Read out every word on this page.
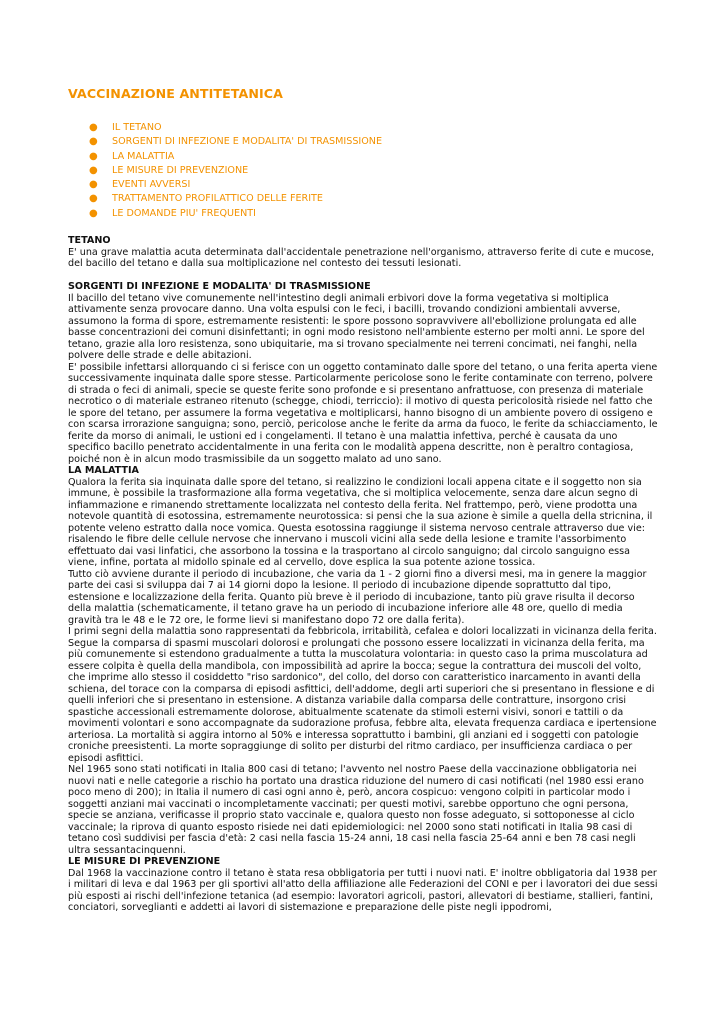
VACCINAZIONE ANTITETANICA
● IL TETANO
● SORGENTI DI INFEZIONE E MODALITA' DI TRASMISSIONE
● LA MALATTIA
● LE MISURE DI PREVENZIONE
● EVENTI AVVERSI
● TRATTAMENTO PROFILATTICO DELLE FERITE
● LE DOMANDE PIU' FREQUENTI
TETANO

E' una grave malattia acuta determinata dall'accidentale penetrazione nell'organismo, attraverso ferite di cute e mucose, del bacillo del tetano e dalla sua moltiplicazione nel contesto dei tessuti lesionati.

SORGENTI DI INFEZIONE E MODALITA' DI TRASMISSIONE

Il bacillo del tetano vive comunemente nell'intestino degli animali erbivori dove la forma vegetativa si moltiplica attivamente senza provocare danno. Una volta espulsi con le feci, i bacilli, trovando condizioni ambientali avverse, assumono la forma di spore, estremamente resistenti: le spore possono sopravvivere all'ebollizione prolungata ed alle basse concentrazioni dei comuni disinfettanti; in ogni modo resistono nell'ambiente esterno per molti anni. Le spore del tetano, grazie alla loro resistenza, sono ubiquitarie, ma si trovano specialmente nei terreni concimati, nei fanghi, nella polvere delle strade e delle abitazioni.

E' possibile infettarsi allorquando ci si ferisce con un oggetto contaminato dalle spore del tetano, o una ferita aperta viene successivamente inquinata dalle spore stesse. Particolarmente pericolose sono le ferite contaminate con terreno, polvere di strada o feci di animali, specie se queste ferite sono profonde e si presentano anfrattuose, con presenza di materiale necrotico o di materiale estraneo ritenuto (schegge, chiodi, terriccio): il motivo di questa pericolosità risiede nel fatto che le spore del tetano, per assumere la forma vegetativa e moltiplicarsi, hanno bisogno di un ambiente povero di ossigeno e con scarsa irrorazione sanguigna; sono, perciò, pericolose anche le ferite da arma da fuoco, le ferite da schiacciamento, le ferite da morso di animali, le ustioni ed i congelamenti. Il tetano è una malattia infettiva, perché è causata da uno specifico bacillo penetrato accidentalmente in una ferita con le modalità appena descritte, non è peraltro contagiosa, poiché non è in alcun modo trasmissibile da un soggetto malato ad uno sano.

LA MALATTIA

Qualora la ferita sia inquinata dalle spore del tetano, si realizzino le condizioni locali appena citate e il soggetto non sia immune, è possibile la trasformazione alla forma vegetativa, che si moltiplica velocemente, senza dare alcun segno di infiammazione e rimanendo strettamente localizzata nel contesto della ferita. Nel frattempo, però, viene prodotta una notevole quantità di esotossina, estremamente neurotossica: si pensi che la sua azione è simile a quella della stricnina, il potente veleno estratto dalla noce vomica. Questa esotossina raggiunge il sistema nervoso centrale attraverso due vie: risalendo le fibre delle cellule nervose che innervano i muscoli vicini alla sede della lesione e tramite l'assorbimento effettuato dai vasi linfatici, che assorbono la tossina e la trasportano al circolo sanguigno; dal circolo sanguigno essa viene, infine, portata al midollo spinale ed al cervello, dove esplica la sua potente azione tossica.

Tutto ciò avviene durante il periodo di incubazione, che varia da 1 - 2 giorni fino a diversi mesi, ma in genere la maggior parte dei casi si sviluppa dai 7 ai 14 giorni dopo la lesione. Il periodo di incubazione dipende soprattutto dal tipo, estensione e localizzazione della ferita. Quanto più breve è il periodo di incubazione, tanto più grave risulta il decorso della malattia (schematicamente, il tetano grave ha un periodo di incubazione inferiore alle 48 ore, quello di media gravità tra le 48 e le 72 ore, le forme lievi si manifestano dopo 72 ore dalla ferita).

I primi segni della malattia sono rappresentati da febbricola, irritabilità, cefalea e dolori localizzati in vicinanza della ferita.

Segue la comparsa di spasmi muscolari dolorosi e prolungati che possono essere localizzati in vicinanza della ferita, ma più comunemente si estendono gradualmente a tutta la muscolatura volontaria: in questo caso la prima muscolatura ad essere colpita è quella della mandibola, con impossibilità ad aprire la bocca; segue la contrattura dei muscoli del volto, che imprime allo stesso il cosiddetto "riso sardonico", del collo, del dorso con caratteristico inarcamento in avanti della schiena, del torace con la comparsa di episodi asfittici, dell'addome, degli arti superiori che si presentano in flessione e di quelli inferiori che si presentano in estensione. A distanza variabile dalla comparsa delle contratture, insorgono crisi spastiche accessionali estremamente dolorose, abitualmente scatenate da stimoli esterni visivi, sonori e tattili o da movimenti volontari e sono accompagnate da sudorazione profusa, febbre alta, elevata frequenza cardiaca e ipertensione arteriosa. La mortalità si aggira intorno al 50% e interessa soprattutto i bambini, gli anziani ed i soggetti con patologie croniche preesistenti. La morte sopraggiunge di solito per disturbi del ritmo cardiaco, per insufficienza cardiaca o per episodi asfittici.

Nel 1965 sono stati notificati in Italia 800 casi di tetano; l'avvento nel nostro Paese della vaccinazione obbligatoria nei nuovi nati e nelle categorie a rischio ha portato una drastica riduzione del numero di casi notificati (nel 1980 essi erano poco meno di 200); in Italia il numero di casi ogni anno è, però, ancora cospicuo: vengono colpiti in particolar modo i soggetti anziani mai vaccinati o incompletamente vaccinati; per questi motivi, sarebbe opportuno che ogni persona, specie se anziana, verificasse il proprio stato vaccinale e, qualora questo non fosse adeguato, si sottoponesse al ciclo vaccinale; la riprova di quanto esposto risiede nei dati epidemiologici: nel 2000 sono stati notificati in Italia 98 casi di tetano così suddivisi per fascia d'età: 2 casi nella fascia 15-24 anni, 18 casi nella fascia 25-64 anni e ben 78 casi negli ultra sessantacinquenni.

LE MISURE DI PREVENZIONE

Dal 1968 la vaccinazione contro il tetano è stata resa obbligatoria per tutti i nuovi nati. E' inoltre obbligatoria dal 1938 per i militari di leva e dal 1963 per gli sportivi all'atto della affiliazione alle Federazioni del CONI e per i lavoratori dei due sessi più esposti ai rischi dell'infezione tetanica (ad esempio: lavoratori agricoli, pastori, allevatori di bestiame, stallieri, fantini, conciatori, sorveglianti e addetti ai lavori di sistemazione e preparazione delle piste negli ippodromi,
